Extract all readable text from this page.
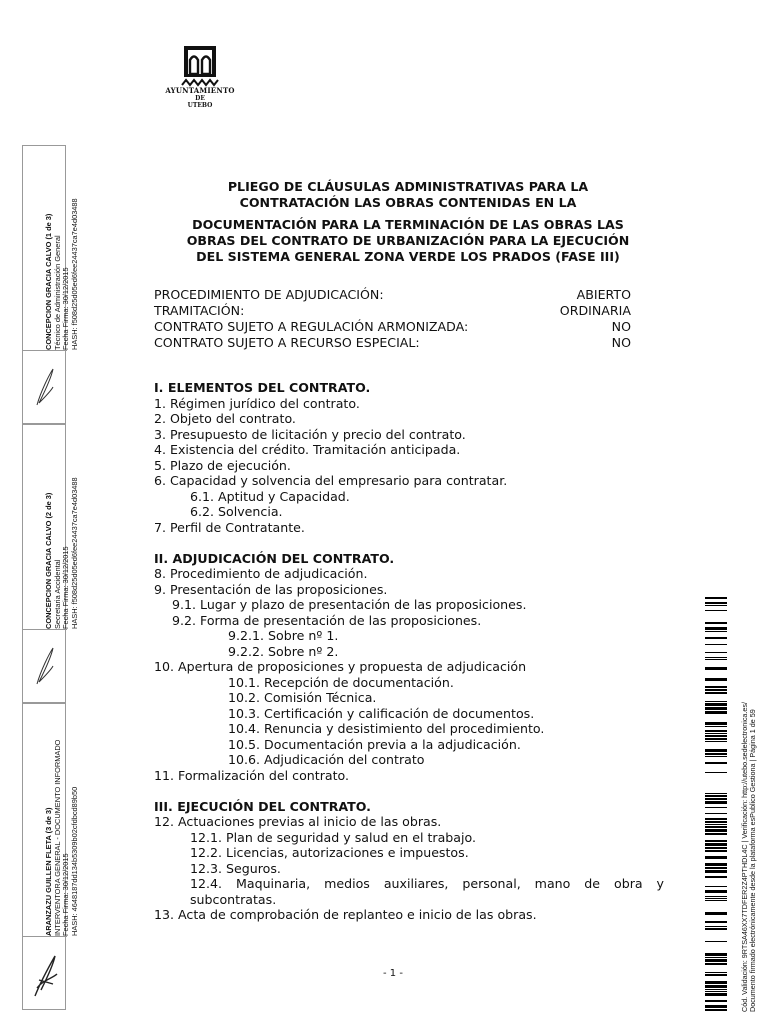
AYUNTAMIENTO
DE
UTEBO
CONCEPCION GRACIA CALVO (1 de 3) Técnico de Administración General Fecha Firma: 30/12/2015 HASH: f508d25d05ed6fee24437ca7e4d03488
CONCEPCION GRACIA CALVO (2 de 3) Secretaria Accidental Fecha Firma: 30/12/2015 HASH: f508d25d05ed6fee24437ca7e4d03488
ARANZAZU GUILLEN FLETA (3 de 3) INTERVENTORA GENERAL - DOCUMENTO INFORMADO Fecha Firma: 30/12/2015 HASH: 4648187dd134b5309b02cfdbcd89b50	Cód. Validación: 9RTSA46XX7TDFER2Z4PTHDL4C | Verificación: http://utebo.sedelectronica.es/ Documento firmado electrónicamente desde la plataforma esPublico Gestiona | Página 1 de 59
PLIEGO DE CLÁUSULAS ADMINISTRATIVAS PARA LA
CONTRATACIÓN LAS OBRAS CONTENIDAS EN LA
DOCUMENTACIÓN PARA LA TERMINACIÓN DE LAS OBRAS LAS
OBRAS DEL CONTRATO DE URBANIZACIÓN PARA LA EJECUCIÓN
DEL SISTEMA GENERAL ZONA VERDE LOS PRADOS (FASE III)
PROCEDIMIENTO DE ADJUDICACIÓN:	ABIERTO
TRAMITACIÓN:	ORDINARIA
CONTRATO SUJETO A REGULACIÓN ARMONIZADA:	NO
CONTRATO SUJETO A RECURSO ESPECIAL:	NO
I. ELEMENTOS DEL CONTRATO.
1. Régimen jurídico del contrato.
2. Objeto del contrato.
3. Presupuesto de licitación y precio del contrato.
4. Existencia del crédito. Tramitación anticipada.
5. Plazo de ejecución.
6. Capacidad y solvencia del empresario para contratar.
6.1. Aptitud y Capacidad.
6.2. Solvencia.
7. Perfil de Contratante.
II. ADJUDICACIÓN DEL CONTRATO.
8. Procedimiento de adjudicación.
9. Presentación de las proposiciones.
9.1. Lugar y plazo de presentación de las proposiciones.
9.2. Forma de presentación de las proposiciones.
9.2.1. Sobre nº 1.
9.2.2. Sobre nº 2.
10. Apertura de proposiciones y propuesta de adjudicación
10.1. Recepción de documentación.
10.2. Comisión Técnica.
10.3. Certificación y calificación de documentos.
10.4. Renuncia y desistimiento del procedimiento.
10.5. Documentación previa a la adjudicación.
10.6. Adjudicación del contrato
11. Formalización del contrato.
III. EJECUCIÓN DEL CONTRATO.
12. Actuaciones previas al inicio de las obras.
12.1. Plan de seguridad y salud en el trabajo.
12.2. Licencias, autorizaciones e impuestos.
12.3. Seguros.
12.4. Maquinaria, medios auxiliares, personal, mano de obra y subcontratas.
13. Acta de comprobación de replanteo e inicio de las obras.
- 1 -
